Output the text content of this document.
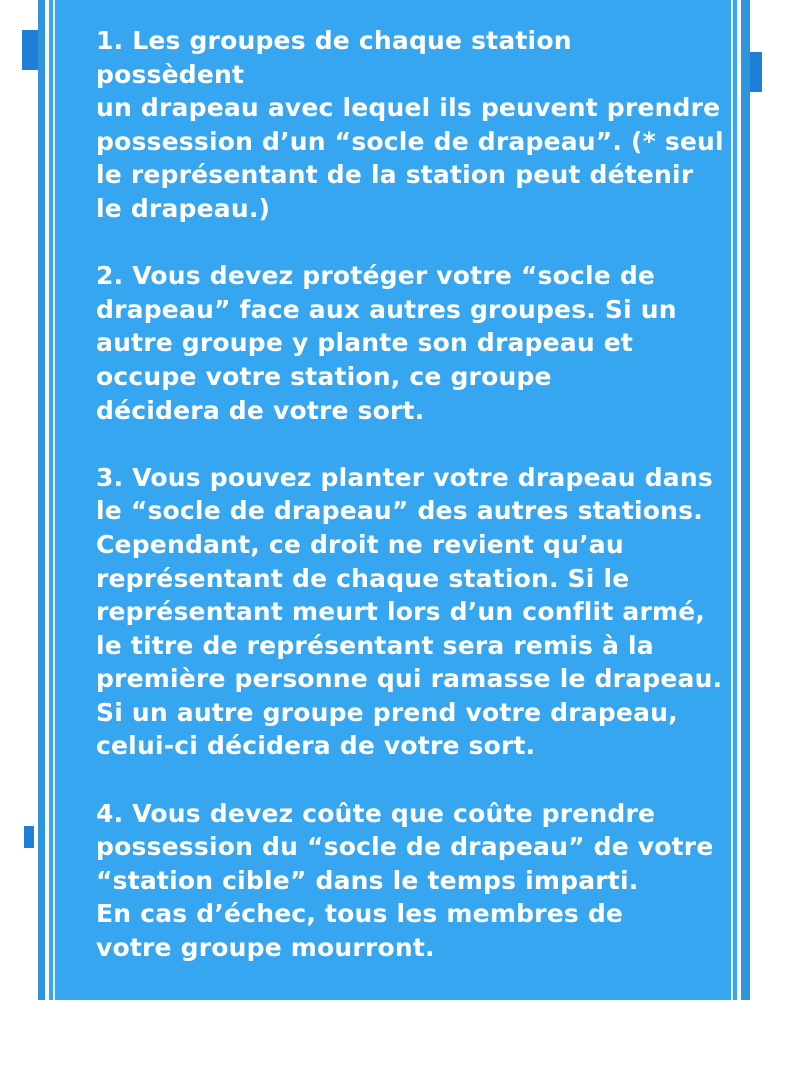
1. Les groupes de chaque station possèdent
un drapeau avec lequel ils peuvent prendre
possession d’un “socle de drapeau”. (* seul
le représentant de la station peut détenir
le drapeau.)
2. Vous devez protéger votre “socle de
drapeau” face aux autres groupes. Si un
autre groupe y plante son drapeau et
occupe votre station, ce groupe
décidera de votre sort.
3. Vous pouvez planter votre drapeau dans
le “socle de drapeau” des autres stations.
Cependant, ce droit ne revient qu’au
représentant de chaque station. Si le
représentant meurt lors d’un conflit armé,
le titre de représentant sera remis à la
première personne qui ramasse le drapeau.
Si un autre groupe prend votre drapeau,
celui-ci décidera de votre sort.
4. Vous devez coûte que coûte prendre
possession du “socle de drapeau” de votre
“station cible” dans le temps imparti.
En cas d’échec, tous les membres de
votre groupe mourront.
5. La “station cible“ que votre groupe doit
